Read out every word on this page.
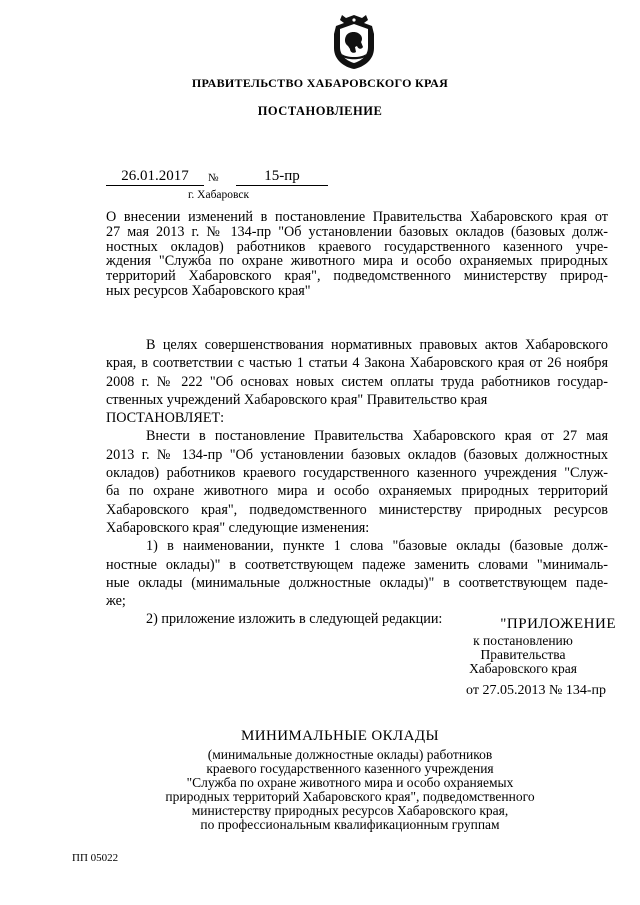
ПРАВИТЕЛЬСТВО ХАБАРОВСКОГО КРАЯ
ПОСТАНОВЛЕНИЕ
26.01.2017	№	15-пр
г. Хабаровск
О внесении изменений в постановление Правительства Хабаровского края от
27 мая 2013 г. № 134-пр "Об установлении базовых окладов (базовых долж-
ностных окладов) работников краевого государственного казенного учре-
ждения "Служба по охране животного мира и особо охраняемых природных
территорий Хабаровского края", подведомственного министерству природ-
ных ресурсов Хабаровского края"
В целях совершенствования нормативных правовых актов Хабаровского
края, в соответствии с частью 1 статьи 4 Закона Хабаровского края от 26 ноября
2008 г. № 222 "Об основах новых систем оплаты труда работников государ-
ственных учреждений Хабаровского края" Правительство края
ПОСТАНОВЛЯЕТ:
Внести в постановление Правительства Хабаровского края от 27 мая
2013 г. № 134-пр "Об установлении базовых окладов (базовых должностных
окладов) работников краевого государственного казенного учреждения "Служ-
ба по охране животного мира и особо охраняемых природных территорий
Хабаровского края", подведомственного министерству природных ресурсов
Хабаровского края" следующие изменения:
1) в наименовании, пункте 1 слова "базовые оклады (базовые долж-
ностные оклады)" в соответствующем падеже заменить словами "минималь-
ные оклады (минимальные должностные оклады)" в соответствующем паде-
же;
2) приложение изложить в следующей редакции:	"ПРИЛОЖЕНИЕ
к постановлению
Правительства
Хабаровского края
от 27.05.2013 № 134-пр
МИНИМАЛЬНЫЕ ОКЛАДЫ
(минимальные должностные оклады) работников
краевого государственного казенного учреждения
"Служба по охране животного мира и особо охраняемых
природных территорий Хабаровского края", подведомственного
министерству природных ресурсов Хабаровского края,
по профессиональным квалификационным группам
ПП 05022
